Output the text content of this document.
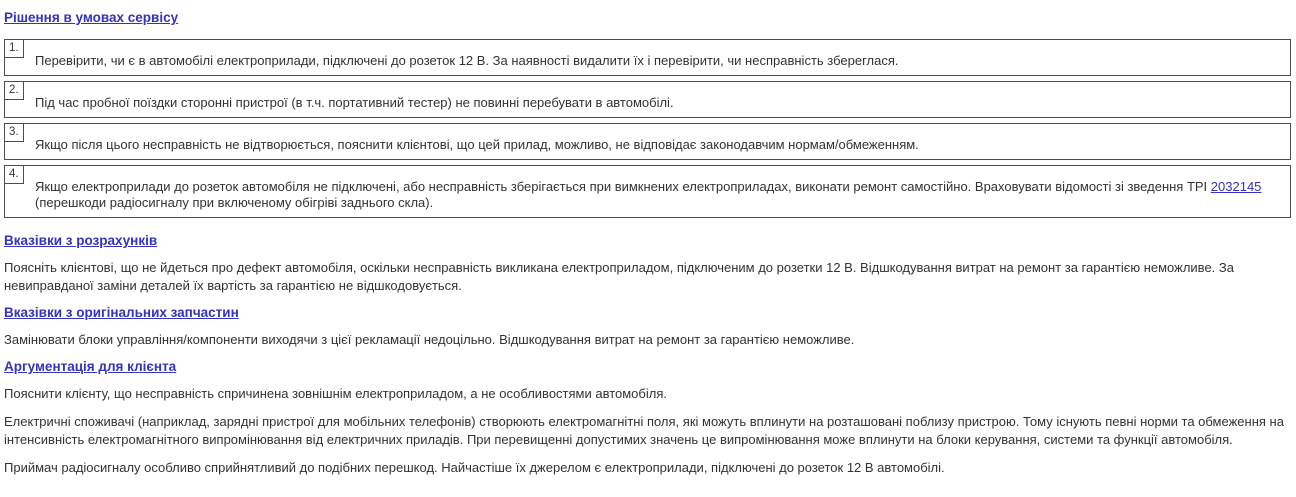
Рішення в умовах сервісу
1.
Перевірити, чи є в автомобілі електроприлади, підключені до розеток 12 В. За наявності видалити їх і перевірити, чи несправність збереглася.
2.
Під час пробної поїздки сторонні пристрої (в т.ч. портативний тестер) не повинні перебувати в автомобілі.
3.
Якщо після цього несправність не відтворюється, пояснити клієнтові, що цей прилад, можливо, не відповідає законодавчим нормам/обмеженням.
4.
Якщо електроприлади до розеток автомобіля не підключені, або несправність зберігається при вимкнених електроприладах, виконати ремонт самостійно. Враховувати відомості зі зведення TPI 2032145 (перешкоди радіосигналу при включеному обігріві заднього скла).
Вказівки з розрахунків

Поясніть клієнтові, що не йдеться про дефект автомобіля, оскільки несправність викликана електроприладом, підключеним до розетки 12 В. Відшкодування витрат на ремонт за гарантією неможливе. За невиправданої заміни деталей їх вартість за гарантією не відшкодовується.

Вказівки з оригінальних запчастин

Замінювати блоки управління/компоненти виходячи з цієї рекламації недоцільно. Відшкодування витрат на ремонт за гарантією неможливе.

Аргументація для клієнта

Пояснити клієнту, що несправність спричинена зовнішнім електроприладом, а не особливостями автомобіля.

Електричні споживачі (наприклад, зарядні пристрої для мобільних телефонів) створюють електромагнітні поля, які можуть вплинути на розташовані поблизу пристрою. Тому існують певні норми та обмеження на інтенсивність електромагнітного випромінювання від електричних приладів. При перевищенні допустимих значень це випромінювання може вплинути на блоки керування, системи та функції автомобіля.

Приймач радіосигналу особливо сприйнятливий до подібних перешкод. Найчастіше їх джерелом є електроприлади, підключені до розеток 12 В автомобілі.
